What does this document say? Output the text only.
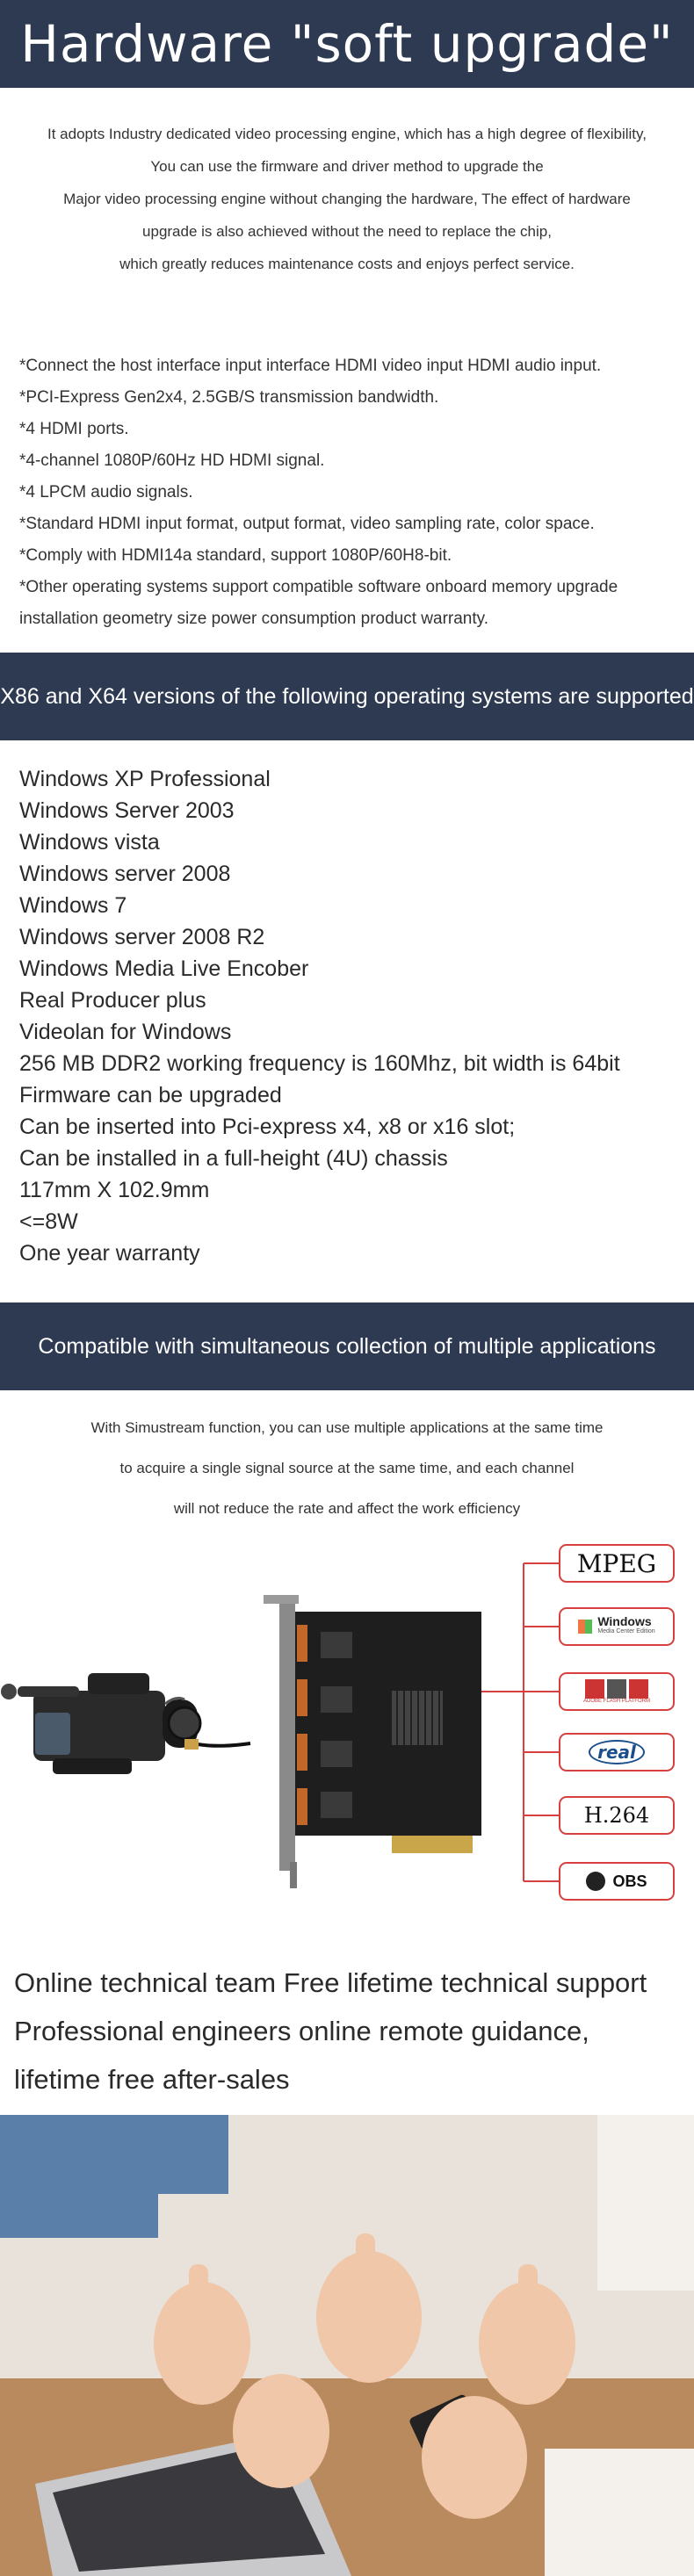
Hardware "soft upgrade"
It adopts Industry dedicated video processing engine, which has a high degree of flexibility,
You can use the firmware and driver method to upgrade the
Major video processing engine without changing the hardware, The effect of hardware
upgrade is also achieved without the need to replace the chip,
which greatly reduces maintenance costs and enjoys perfect service.
*Connect the host interface input interface HDMI video input HDMI audio input.
*PCI-Express Gen2x4, 2.5GB/S transmission bandwidth.
*4 HDMI ports.
*4-channel 1080P/60Hz HD HDMI signal.
*4 LPCM audio signals.
*Standard HDMI input format, output format, video sampling rate, color space.
*Comply with HDMI14a standard, support 1080P/60H8-bit.
*Other operating systems support compatible software onboard memory upgrade
installation geometry size power consumption product warranty.
X86 and X64 versions of the following operating systems are supported
Windows XP Professional
Windows Server 2003
Windows vista
Windows server 2008
Windows 7
Windows server 2008 R2
Windows Media Live Encober
Real Producer plus
Videolan for Windows
256 MB DDR2 working frequency is 160Mhz, bit width is 64bit
Firmware can be upgraded
Can be inserted into Pci-express x4, x8 or x16 slot;
Can be installed in a full-height (4U) chassis
117mm X 102.9mm
<=8W
One year warranty
Compatible with simultaneous collection of multiple applications
With Simustream function, you can use multiple applications at the same time
to acquire a single signal source at the same time, and each channel
will not reduce the rate and affect the work efficiency
MPEG
Windows
Media Center Edition
ADOBE FLASH PLATFORM
real
H.264
OBS
Online technical team Free lifetime technical support
Professional engineers online remote guidance,
lifetime free after-sales
